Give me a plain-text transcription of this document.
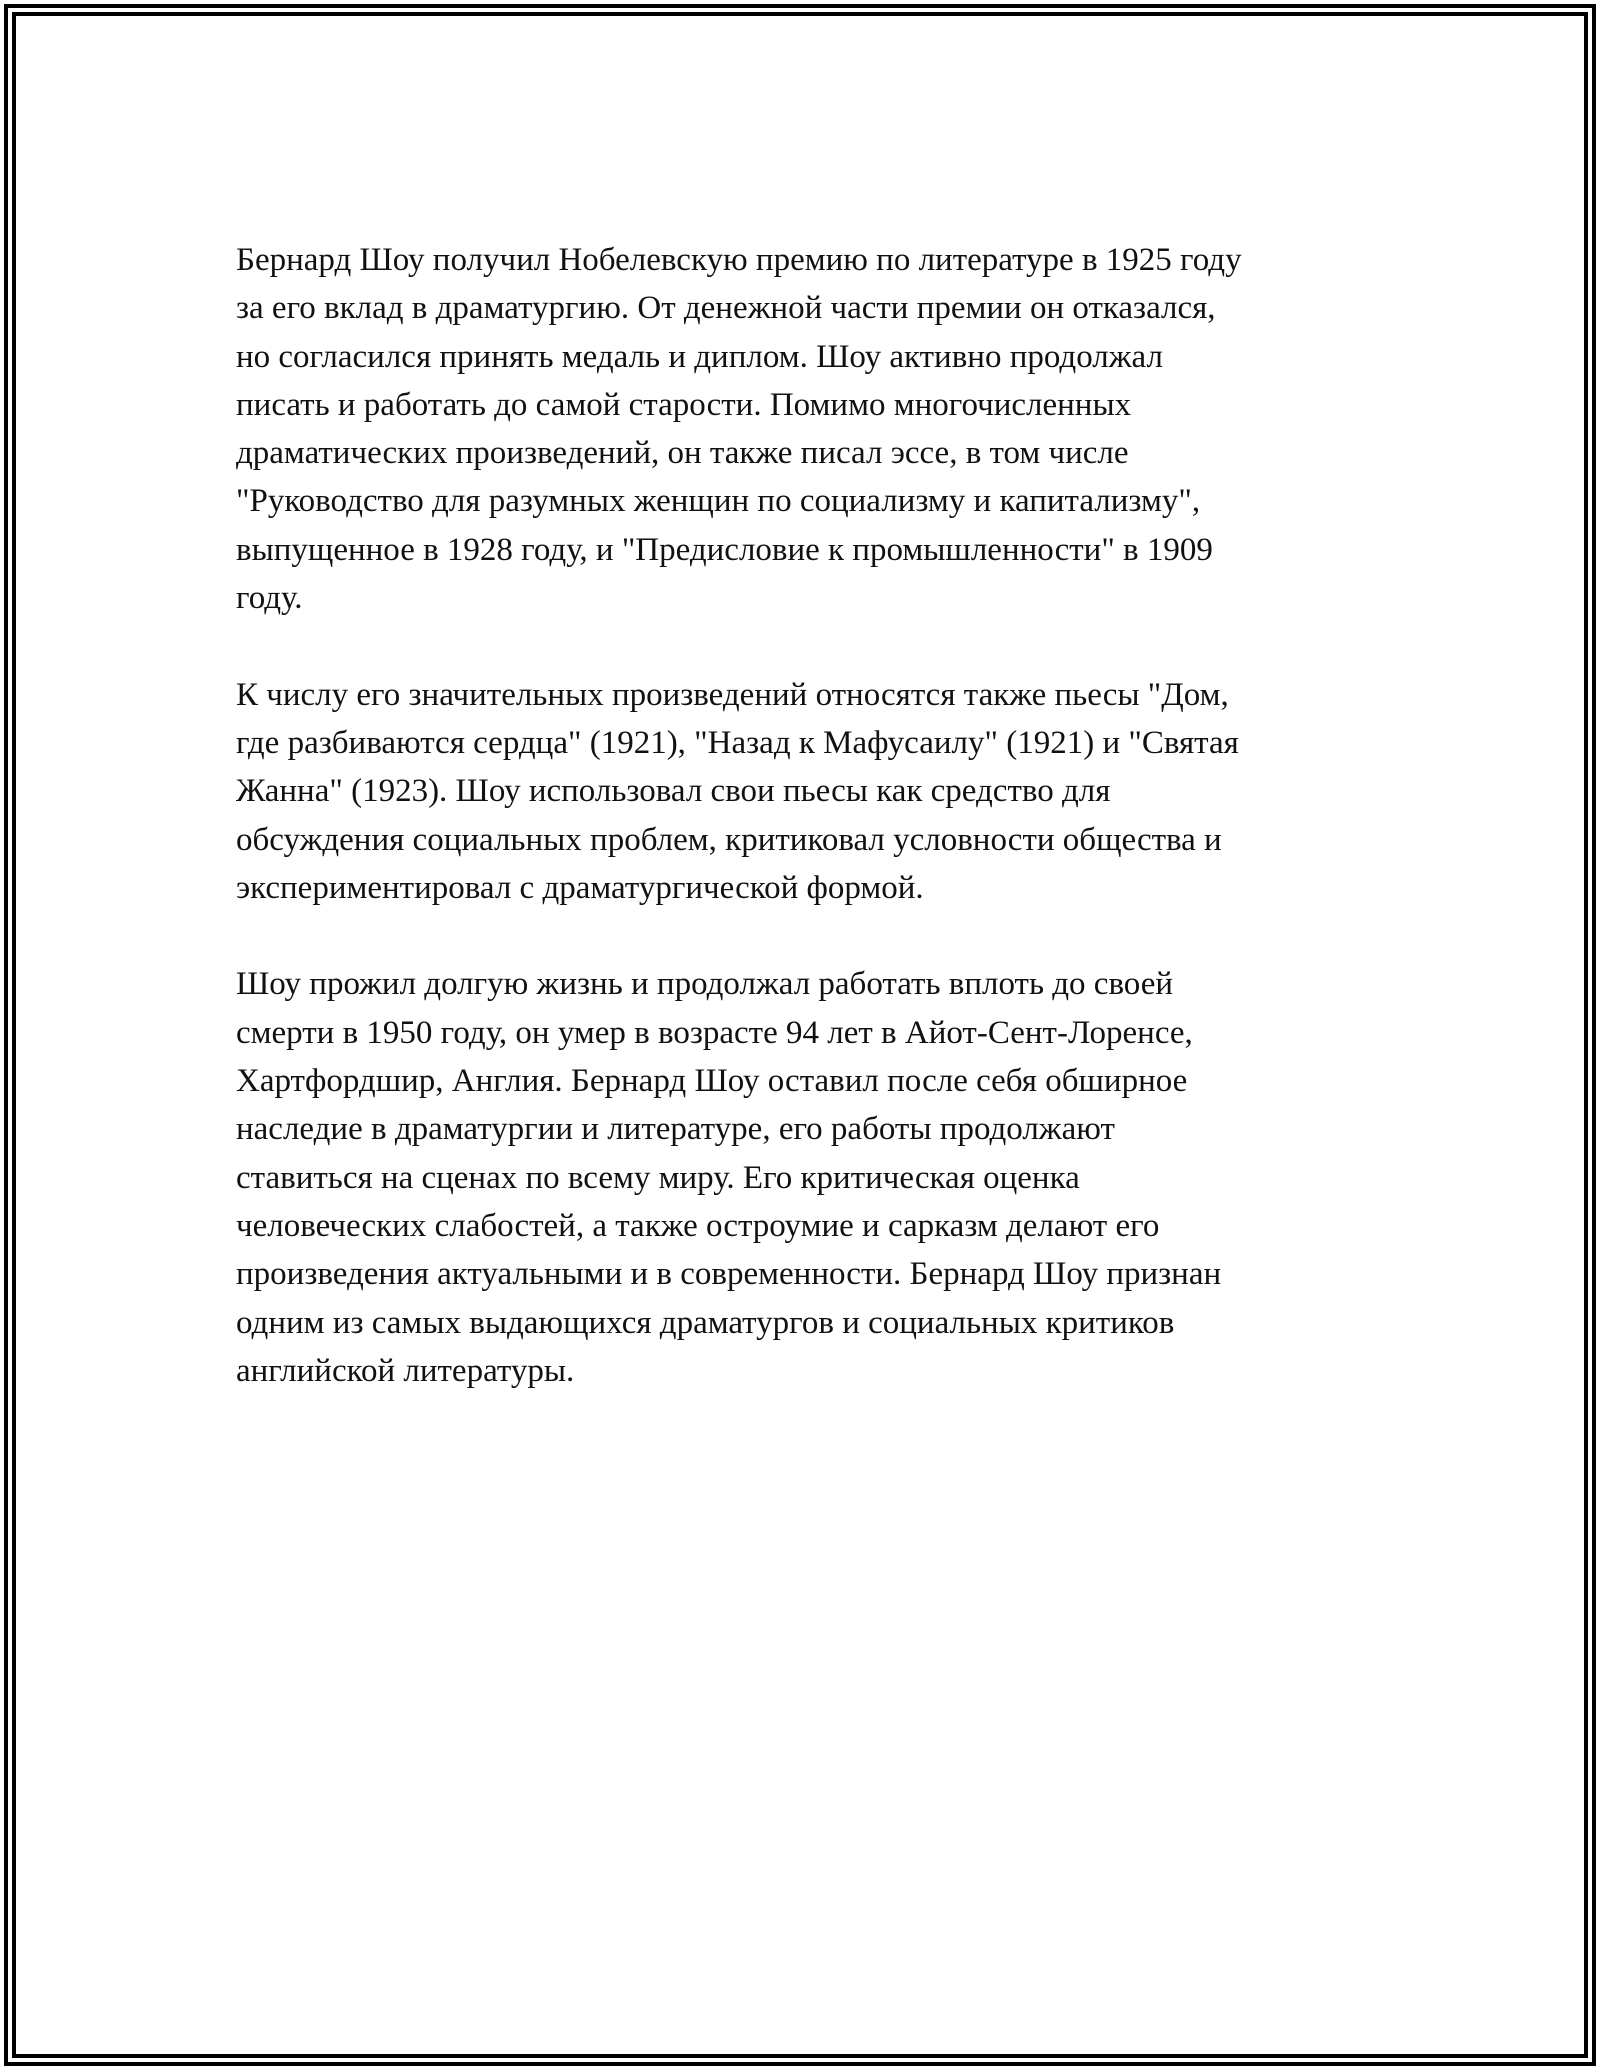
Бернард Шоу получил Нобелевскую премию по литературе в 1925 году
за его вклад в драматургию. От денежной части премии он отказался,
но согласился принять медаль и диплом. Шоу активно продолжал
писать и работать до самой старости. Помимо многочисленных
драматических произведений, он также писал эссе, в том числе
"Руководство для разумных женщин по социализму и капитализму",
выпущенное в 1928 году, и "Предисловие к промышленности" в 1909
году.

К числу его значительных произведений относятся также пьесы "Дом,
где разбиваются сердца" (1921), "Назад к Мафусаилу" (1921) и "Святая
Жанна" (1923). Шоу использовал свои пьесы как средство для
обсуждения социальных проблем, критиковал условности общества и
экспериментировал с драматургической формой.

Шоу прожил долгую жизнь и продолжал работать вплоть до своей
смерти в 1950 году, он умер в возрасте 94 лет в Айот-Сент-Лоренсе,
Хартфордшир, Англия. Бернард Шоу оставил после себя обширное
наследие в драматургии и литературе, его работы продолжают
ставиться на сценах по всему миру. Его критическая оценка
человеческих слабостей, а также остроумие и сарказм делают его
произведения актуальными и в современности. Бернард Шоу признан
одним из самых выдающихся драматургов и социальных критиков
английской литературы.
